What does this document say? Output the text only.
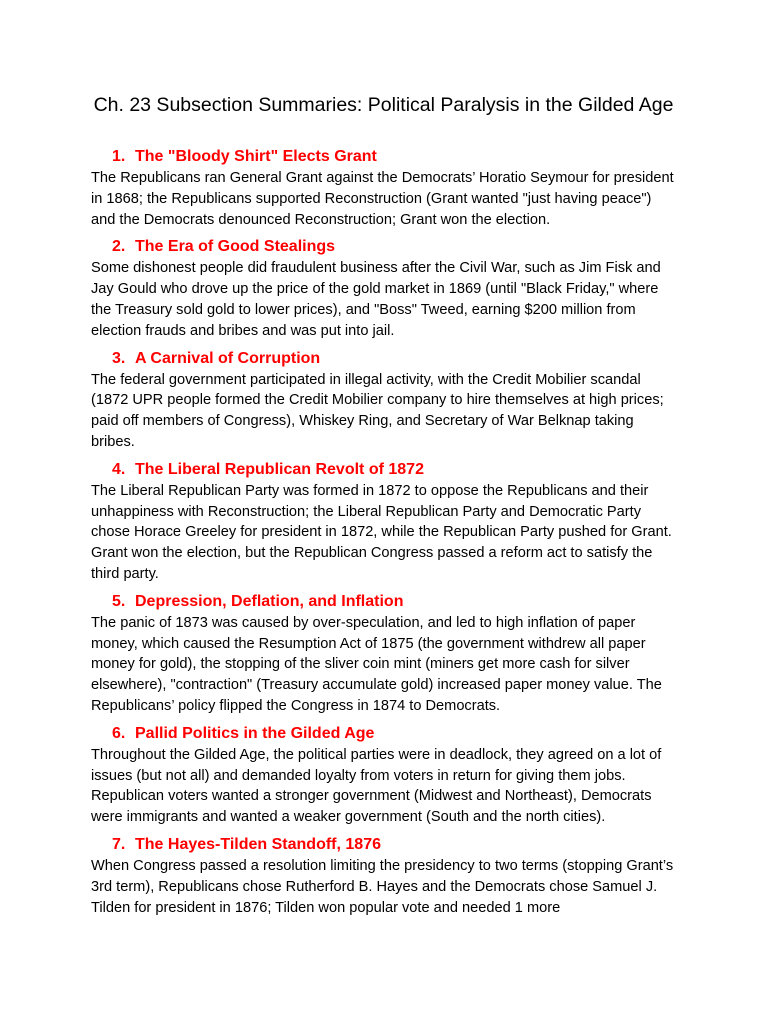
Ch. 23 Subsection Summaries: Political Paralysis in the Gilded Age
1. The "Bloody Shirt" Elects Grant

The Republicans ran General Grant against the Democrats’ Horatio Seymour for president in 1868; the Republicans supported Reconstruction (Grant wanted "just having peace") and the Democrats denounced Reconstruction; Grant won the election.

2. The Era of Good Stealings

Some dishonest people did fraudulent business after the Civil War, such as Jim Fisk and Jay Gould who drove up the price of the gold market in 1869 (until "Black Friday," where the Treasury sold gold to lower prices), and "Boss" Tweed, earning $200 million from election frauds and bribes and was put into jail.

3. A Carnival of Corruption

The federal government participated in illegal activity, with the Credit Mobilier scandal (1872 UPR people formed the Credit Mobilier company to hire themselves at high prices; paid off members of Congress), Whiskey Ring, and Secretary of War Belknap taking bribes.

4. The Liberal Republican Revolt of 1872

The Liberal Republican Party was formed in 1872 to oppose the Republicans and their unhappiness with Reconstruction; the Liberal Republican Party and Democratic Party chose Horace Greeley for president in 1872, while the Republican Party pushed for Grant. Grant won the election, but the Republican Congress passed a reform act to satisfy the third party.

5. Depression, Deflation, and Inflation

The panic of 1873 was caused by over-speculation, and led to high inflation of paper money, which caused the Resumption Act of 1875 (the government withdrew all paper money for gold), the stopping of the sliver coin mint (miners get more cash for silver elsewhere), "contraction" (Treasury accumulate gold) increased paper money value. The Republicans’ policy flipped the Congress in 1874 to Democrats.

6. Pallid Politics in the Gilded Age

Throughout the Gilded Age, the political parties were in deadlock, they agreed on a lot of issues (but not all) and demanded loyalty from voters in return for giving them jobs. Republican voters wanted a stronger government (Midwest and Northeast), Democrats were immigrants and wanted a weaker government (South and the north cities).

7. The Hayes-Tilden Standoff, 1876

When Congress passed a resolution limiting the presidency to two terms (stopping Grant’s 3rd term), Republicans chose Rutherford B. Hayes and the Democrats chose Samuel J. Tilden for president in 1876; Tilden won popular vote and needed 1 more
